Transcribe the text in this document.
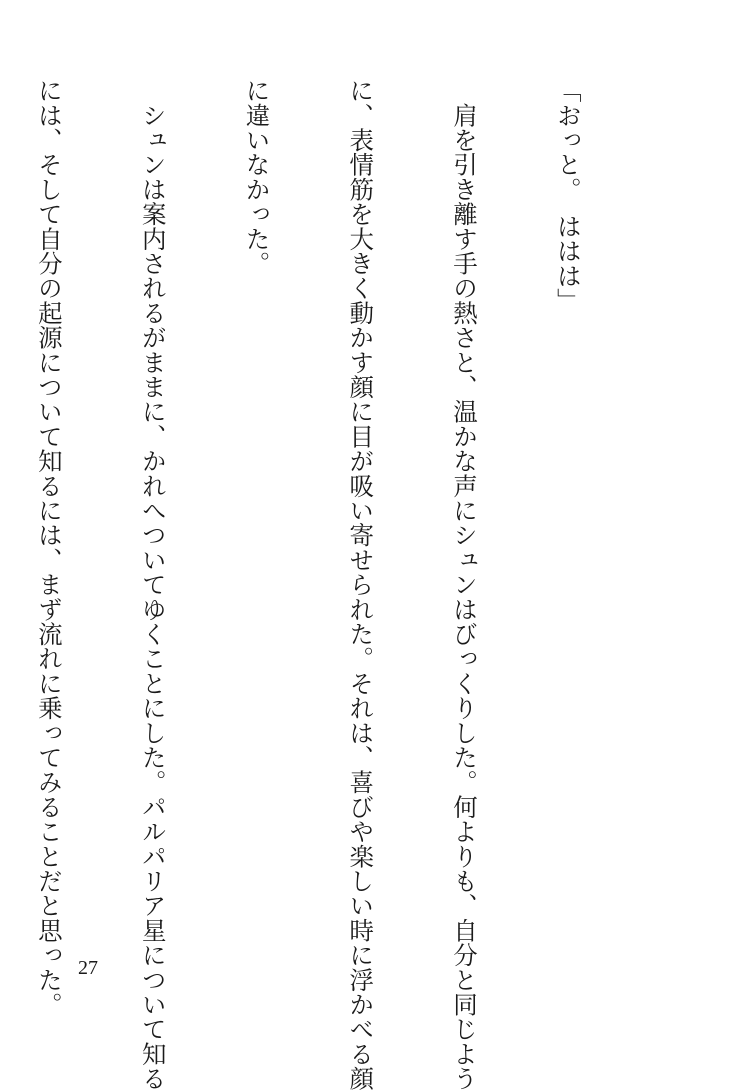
「おっと。　ははは」

　肩を引き離す手の熱さと、温かな声にシュンはびっくりした。何よりも、自分と同じよう

に、表情筋を大きく動かす顔に目が吸い寄せられた。それは、喜びや楽しい時に浮かべる顔

に違いなかった。

　シュンは案内されるがままに、かれへついてゆくことにした。パルパリア星について知る

には、そして自分の起源について知るには、まず流れに乗ってみることだと思った。

27
